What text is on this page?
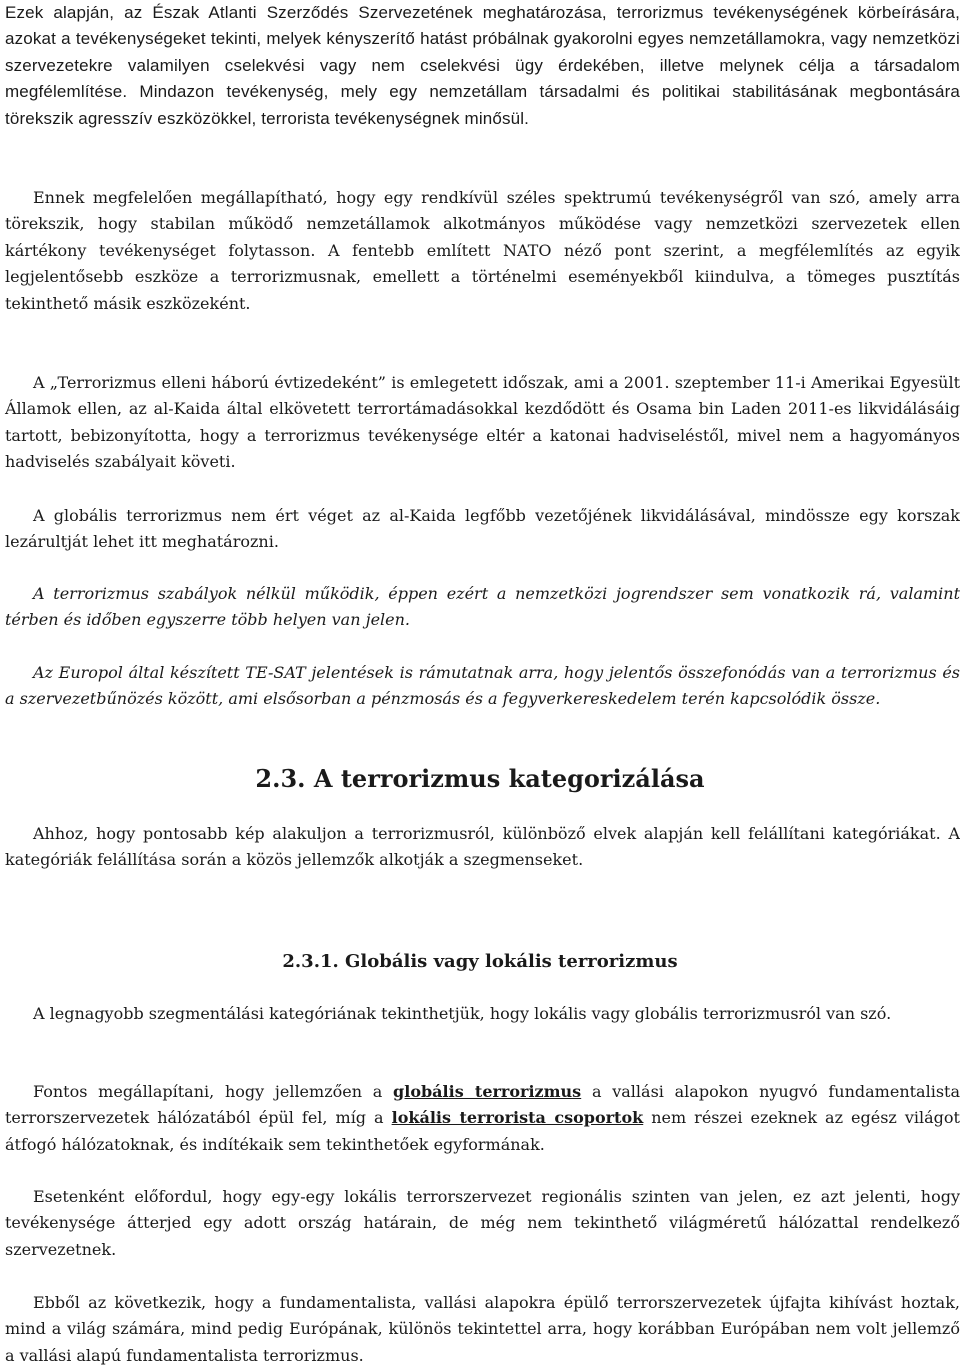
Ezek alapján, az Észak Atlanti Szerződés Szervezetének meghatározása, terrorizmus tevékenységének körbeírására, azokat a tevékenységeket tekinti, melyek kényszerítő hatást próbálnak gyakorolni egyes nemzetállamokra, vagy nemzetközi szervezetekre valamilyen cselekvési vagy nem cselekvési ügy érdekében, illetve melynek célja a társadalom megfélemlítése. Mindazon tevékenység, mely egy nemzetállam társadalmi és politikai stabilitásának megbontására törekszik agresszív eszközökkel, terrorista tevékenységnek minősül.

Ennek megfelelően megállapítható, hogy egy rendkívül széles spektrumú tevékenységről van szó, amely arra törekszik, hogy stabilan működő nemzetállamok alkotmányos működése vagy nemzetközi szervezetek ellen kártékony tevékenységet folytasson. A fentebb említett NATO néző pont szerint, a megfélemlítés az egyik legjelentősebb eszköze a terrorizmusnak, emellett a történelmi eseményekből kiindulva, a tömeges pusztítás tekinthető másik eszközeként.

A „Terrorizmus elleni háború évtizedeként” is emlegetett időszak, ami a 2001. szeptember 11-i Amerikai Egyesült Államok ellen, az al-Kaida által elkövetett terrortámadásokkal kezdődött és Osama bin Laden 2011-es likvidálásáig tartott, bebizonyította, hogy a terrorizmus tevékenysége eltér a katonai hadviseléstől, mivel nem a hagyományos hadviselés szabályait követi.

A globális terrorizmus nem ért véget az al-Kaida legfőbb vezetőjének likvidálásával, mindössze egy korszak lezárultját lehet itt meghatározni.

A terrorizmus szabályok nélkül működik, éppen ezért a nemzetközi jogrendszer sem vonatkozik rá, valamint térben és időben egyszerre több helyen van jelen.

Az Europol által készített TE-SAT jelentések is rámutatnak arra, hogy jelentős összefonódás van a terrorizmus és a szervezetbűnözés között, ami elsősorban a pénzmosás és a fegyverkereskedelem terén kapcsolódik össze.

2.3. A terrorizmus kategorizálása

Ahhoz, hogy pontosabb kép alakuljon a terrorizmusról, különböző elvek alapján kell felállítani kategóriákat. A kategóriák felállítása során a közös jellemzők alkotják a szegmenseket.

2.3.1. Globális vagy lokális terrorizmus

A legnagyobb szegmentálási kategóriának tekinthetjük, hogy lokális vagy globális terrorizmusról van szó.

Fontos megállapítani, hogy jellemzően a globális terrorizmus a vallási alapokon nyugvó fundamentalista terrorszervezetek hálózatából épül fel, míg a lokális terrorista csoportok nem részei ezeknek az egész világot átfogó hálózatoknak, és indítékaik sem tekinthetőek egyformának.

Esetenként előfordul, hogy egy-egy lokális terrorszervezet regionális szinten van jelen, ez azt jelenti, hogy tevékenysége átterjed egy adott ország határain, de még nem tekinthető világméretű hálózattal rendelkező szervezetnek.

Ebből az következik, hogy a fundamentalista, vallási alapokra épülő terrorszervezetek újfajta kihívást hoztak, mind a világ számára, mind pedig Európának, különös tekintettel arra, hogy korábban Európában nem volt jellemző a vallási alapú fundamentalista terrorizmus.
